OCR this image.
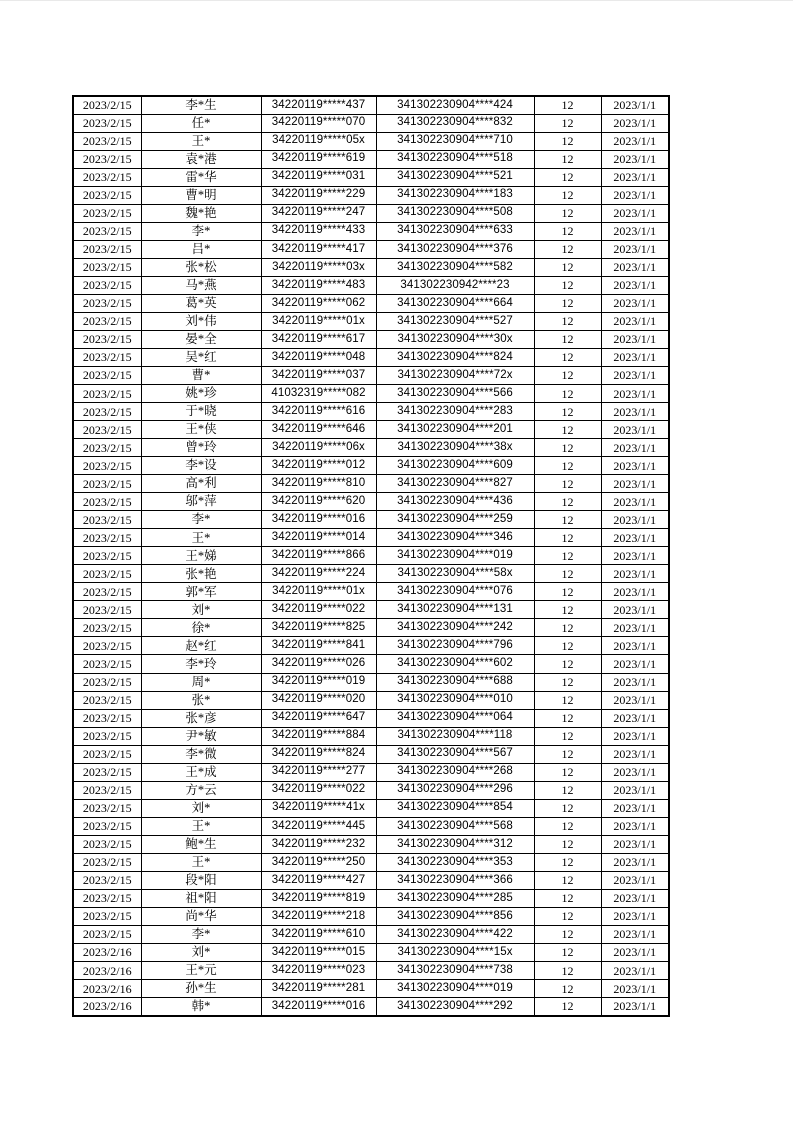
2023/2/15	李*生	34220119*****437	341302230904****424	12	2023/1/1
2023/2/15	任*	34220119*****070	341302230904****832	12	2023/1/1
2023/2/15	王*	34220119*****05x	341302230904****710	12	2023/1/1
2023/2/15	袁*港	34220119*****619	341302230904****518	12	2023/1/1
2023/2/15	雷*华	34220119*****031	341302230904****521	12	2023/1/1
2023/2/15	曹*明	34220119*****229	341302230904****183	12	2023/1/1
2023/2/15	魏*艳	34220119*****247	341302230904****508	12	2023/1/1
2023/2/15	李*	34220119*****433	341302230904****633	12	2023/1/1
2023/2/15	吕*	34220119*****417	341302230904****376	12	2023/1/1
2023/2/15	张*松	34220119*****03x	341302230904****582	12	2023/1/1
2023/2/15	马*燕	34220119*****483	341302230942****23	12	2023/1/1
2023/2/15	葛*英	34220119*****062	341302230904****664	12	2023/1/1
2023/2/15	刘*伟	34220119*****01x	341302230904****527	12	2023/1/1
2023/2/15	晏*全	34220119*****617	341302230904****30x	12	2023/1/1
2023/2/15	吴*红	34220119*****048	341302230904****824	12	2023/1/1
2023/2/15	曹*	34220119*****037	341302230904****72x	12	2023/1/1
2023/2/15	姚*珍	41032319*****082	341302230904****566	12	2023/1/1
2023/2/15	于*晓	34220119*****616	341302230904****283	12	2023/1/1
2023/2/15	王*侠	34220119*****646	341302230904****201	12	2023/1/1
2023/2/15	曾*玲	34220119*****06x	341302230904****38x	12	2023/1/1
2023/2/15	李*设	34220119*****012	341302230904****609	12	2023/1/1
2023/2/15	高*利	34220119*****810	341302230904****827	12	2023/1/1
2023/2/15	邬*萍	34220119*****620	341302230904****436	12	2023/1/1
2023/2/15	李*	34220119*****016	341302230904****259	12	2023/1/1
2023/2/15	王*	34220119*****014	341302230904****346	12	2023/1/1
2023/2/15	王*娣	34220119*****866	341302230904****019	12	2023/1/1
2023/2/15	张*艳	34220119*****224	341302230904****58x	12	2023/1/1
2023/2/15	郭*军	34220119*****01x	341302230904****076	12	2023/1/1
2023/2/15	刘*	34220119*****022	341302230904****131	12	2023/1/1
2023/2/15	徐*	34220119*****825	341302230904****242	12	2023/1/1
2023/2/15	赵*红	34220119*****841	341302230904****796	12	2023/1/1
2023/2/15	李*玲	34220119*****026	341302230904****602	12	2023/1/1
2023/2/15	周*	34220119*****019	341302230904****688	12	2023/1/1
2023/2/15	张*	34220119*****020	341302230904****010	12	2023/1/1
2023/2/15	张*彦	34220119*****647	341302230904****064	12	2023/1/1
2023/2/15	尹*敏	34220119*****884	341302230904****118	12	2023/1/1
2023/2/15	李*微	34220119*****824	341302230904****567	12	2023/1/1
2023/2/15	王*成	34220119*****277	341302230904****268	12	2023/1/1
2023/2/15	方*云	34220119*****022	341302230904****296	12	2023/1/1
2023/2/15	刘*	34220119*****41x	341302230904****854	12	2023/1/1
2023/2/15	王*	34220119*****445	341302230904****568	12	2023/1/1
2023/2/15	鲍*生	34220119*****232	341302230904****312	12	2023/1/1
2023/2/15	王*	34220119*****250	341302230904****353	12	2023/1/1
2023/2/15	段*阳	34220119*****427	341302230904****366	12	2023/1/1
2023/2/15	祖*阳	34220119*****819	341302230904****285	12	2023/1/1
2023/2/15	尚*华	34220119*****218	341302230904****856	12	2023/1/1
2023/2/15	李*	34220119*****610	341302230904****422	12	2023/1/1
2023/2/16	刘*	34220119*****015	341302230904****15x	12	2023/1/1
2023/2/16	王*元	34220119*****023	341302230904****738	12	2023/1/1
2023/2/16	孙*生	34220119*****281	341302230904****019	12	2023/1/1
2023/2/16	韩*	34220119*****016	341302230904****292	12	2023/1/1
